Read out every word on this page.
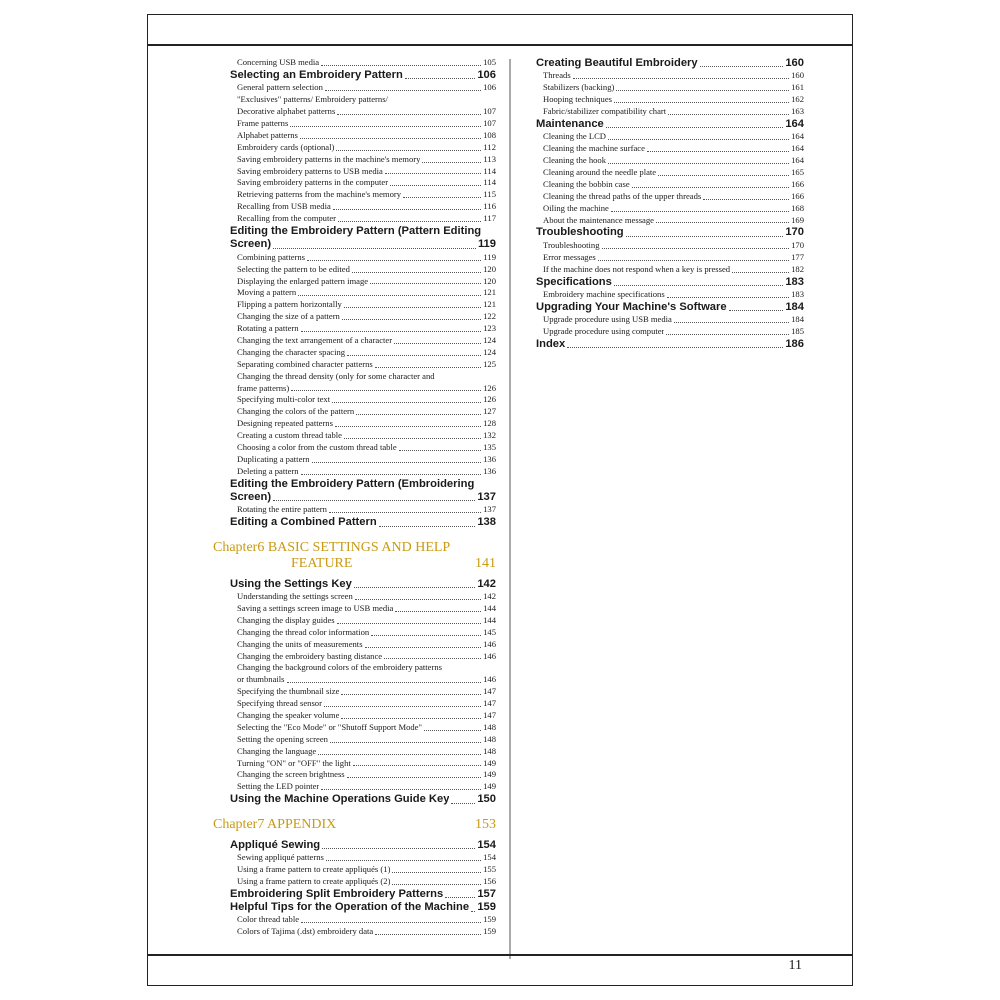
Concerning USB media	105
Selecting an Embroidery Pattern	106
General pattern selection	106
"Exclusives" patterns/ Embroidery patterns/
Decorative alphabet patterns	107
Frame patterns	107
Alphabet patterns	108
Embroidery cards (optional)	112
Saving embroidery patterns in the machine's memory	113
Saving embroidery patterns to USB media	114
Saving embroidery patterns in the computer	114
Retrieving patterns from the machine's memory	115
Recalling from USB media	116
Recalling from the computer	117
Editing the Embroidery Pattern (Pattern Editing
Screen)	119
Combining patterns	119
Selecting the pattern to be edited	120
Displaying the enlarged pattern image	120
Moving a pattern	121
Flipping a pattern horizontally	121
Changing the size of a pattern	122
Rotating a pattern	123
Changing the text arrangement of a character	124
Changing the character spacing	124
Separating combined character patterns	125
Changing the thread density (only for some character and
frame patterns)	126
Specifying multi-color text	126
Changing the colors of the pattern	127
Designing repeated patterns	128
Creating a custom thread table	132
Choosing a color from the custom thread table	135
Duplicating a pattern	136
Deleting a pattern	136
Editing the Embroidery Pattern (Embroidering
Screen)	137
Rotating the entire pattern	137
Editing a Combined Pattern	138
Chapter6 BASIC SETTINGS AND HELP
FEATURE	141
Using the Settings Key	142
Understanding the settings screen	142
Saving a settings screen image to USB media	144
Changing the display guides	144
Changing the thread color information	145
Changing the units of measurements	146
Changing the embroidery basting distance	146
Changing the background colors of the embroidery patterns
or thumbnails	146
Specifying the thumbnail size	147
Specifying thread sensor	147
Changing the speaker volume	147
Selecting the "Eco Mode" or "Shutoff Support Mode"	148
Setting the opening screen	148
Changing the language	148
Turning "ON" or "OFF" the light	149
Changing the screen brightness	149
Setting the LED pointer	149
Using the Machine Operations Guide Key 150
Chapter7 APPENDIX	153
Appliqué Sewing	154
Sewing appliqué patterns	154
Using a frame pattern to create appliqués (1)	155
Using a frame pattern to create appliqués (2)	156
Embroidering Split Embroidery Patterns	157
Helpful Tips for the Operation of the Machine 159
Color thread table	159
Colors of Tajima (.dst) embroidery data	159
Creating Beautiful Embroidery	160
Threads	160
Stabilizers (backing)	161
Hooping techniques	162
Fabric/stabilizer compatibility chart	163
Maintenance	164
Cleaning the LCD	164
Cleaning the machine surface	164
Cleaning the hook	164
Cleaning around the needle plate	165
Cleaning the bobbin case	166
Cleaning the thread paths of the upper threads	166
Oiling the machine	168
About the maintenance message	169
Troubleshooting	170
Troubleshooting	170
Error messages	177
If the machine does not respond when a key is pressed	182
Specifications	183
Embroidery machine specifications	183
Upgrading Your Machine's Software	184
Upgrade procedure using USB media	184
Upgrade procedure using computer	185
Index	186
11
